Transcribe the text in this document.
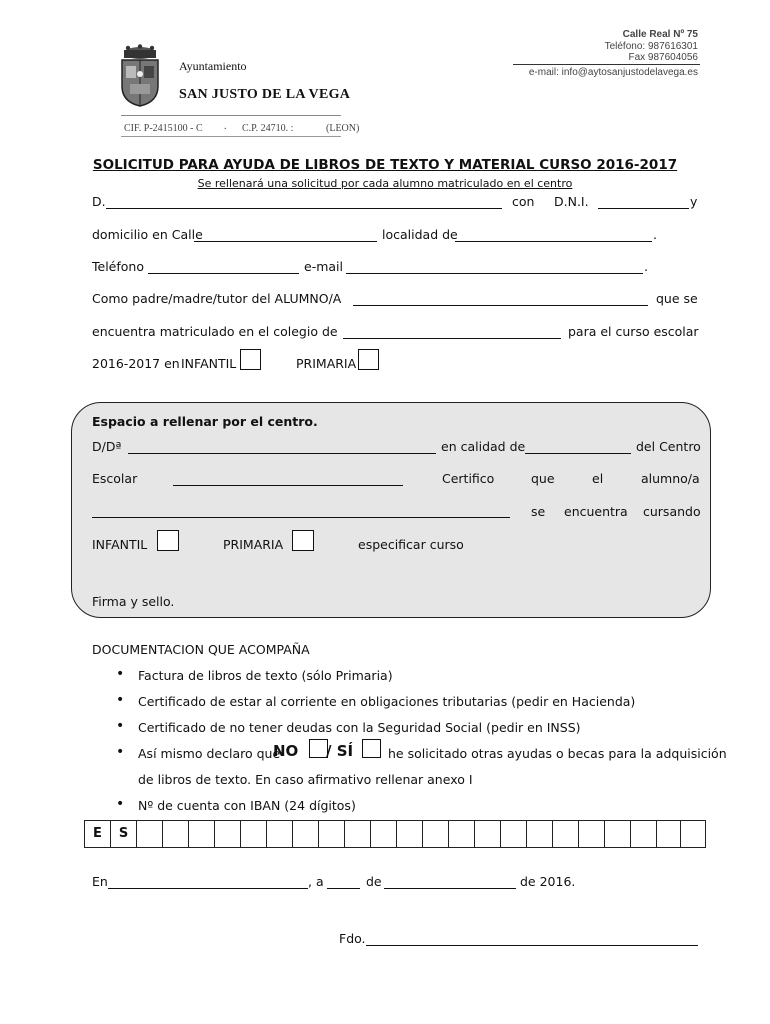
Calle Real Nº 75
Teléfono: 987616301
Fax 987604056
e-mail: info@aytosanjustodelavega.es
Ayuntamiento
SAN JUSTO DE LA VEGA
CIF. P-2415100 - C . C.P. 24710. :	(LEON)
SOLICITUD PARA AYUDA DE LIBROS DE TEXTO Y MATERIAL CURSO 2016-2017
Se rellenará una solicitud por cada alumno matriculado en el centro
D.	con D.N.I.	y
domicilio en Calle	localidad de	.
Teléfono	e-mail	.
Como padre/madre/tutor del ALUMNO/A	que se
encuentra matriculado en el colegio de	para el curso escolar
2016-2017 en INFANTIL	PRIMARIA
Espacio a rellenar por el centro.
D/Dª	en calidad de	del Centro
Escolar	Certifico	que	el	alumno/a
se encuentra cursando
INFANTIL	PRIMARIA	especificar curso
Firma y sello.
DOCUMENTACION QUE ACOMPAÑA
• Factura de libros de texto (sólo Primaria)
• Certificado de estar al corriente en obligaciones tributarias (pedir en Hacienda)
• Certificado de no tener deudas con la Seguridad Social (pedir en INSS)
• Así mismo declaro que
NO / SÍ	he solicitado otras ayudas o becas para la adquisición
de libros de texto. En caso afirmativo rellenar anexo I
• Nº de cuenta con IBAN (24 dígitos)
E	S
En	, a	de	de 2016.
Fdo.
